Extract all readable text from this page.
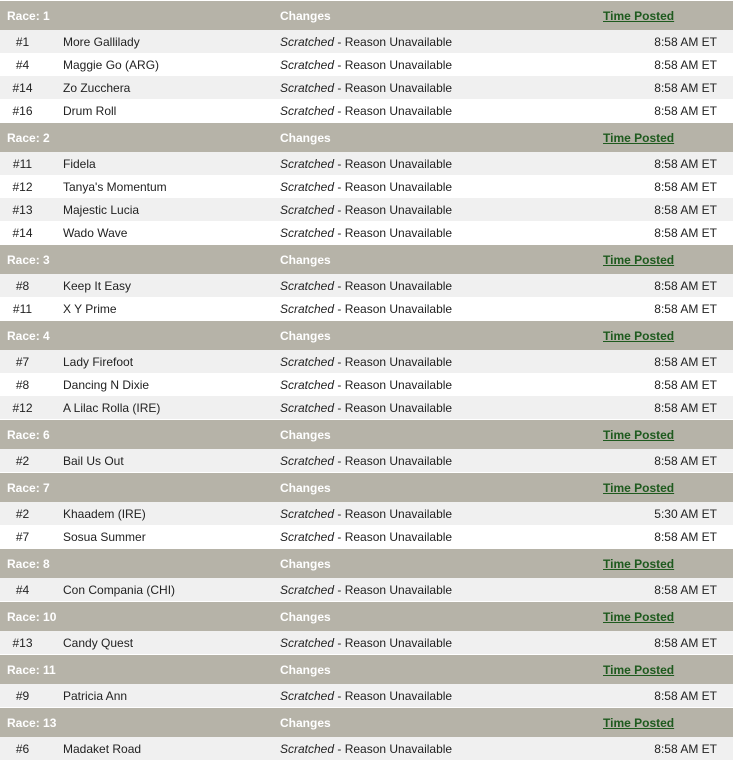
Race: 1	Changes	Time Posted
#1	More Gallilady	Scratched - Reason Unavailable	8:58 AM ET
#4	Maggie Go (ARG)	Scratched - Reason Unavailable	8:58 AM ET
#14	Zo Zucchera	Scratched - Reason Unavailable	8:58 AM ET
#16	Drum Roll	Scratched - Reason Unavailable	8:58 AM ET
Race: 2	Changes	Time Posted
#11	Fidela	Scratched - Reason Unavailable	8:58 AM ET
#12	Tanya's Momentum	Scratched - Reason Unavailable	8:58 AM ET
#13	Majestic Lucia	Scratched - Reason Unavailable	8:58 AM ET
#14	Wado Wave	Scratched - Reason Unavailable	8:58 AM ET
Race: 3	Changes	Time Posted
#8	Keep It Easy	Scratched - Reason Unavailable	8:58 AM ET
#11	X Y Prime	Scratched - Reason Unavailable	8:58 AM ET
Race: 4	Changes	Time Posted
#7	Lady Firefoot	Scratched - Reason Unavailable	8:58 AM ET
#8	Dancing N Dixie	Scratched - Reason Unavailable	8:58 AM ET
#12	A Lilac Rolla (IRE)	Scratched - Reason Unavailable	8:58 AM ET
Race: 6	Changes	Time Posted
#2	Bail Us Out	Scratched - Reason Unavailable	8:58 AM ET
Race: 7	Changes	Time Posted
#2	Khaadem (IRE)	Scratched - Reason Unavailable	5:30 AM ET
#7	Sosua Summer	Scratched - Reason Unavailable	8:58 AM ET
Race: 8	Changes	Time Posted
#4	Con Compania (CHI)	Scratched - Reason Unavailable	8:58 AM ET
Race: 10	Changes	Time Posted
#13	Candy Quest	Scratched - Reason Unavailable	8:58 AM ET
Race: 11	Changes	Time Posted
#9	Patricia Ann	Scratched - Reason Unavailable	8:58 AM ET
Race: 13	Changes	Time Posted
#6	Madaket Road	Scratched - Reason Unavailable	8:58 AM ET
